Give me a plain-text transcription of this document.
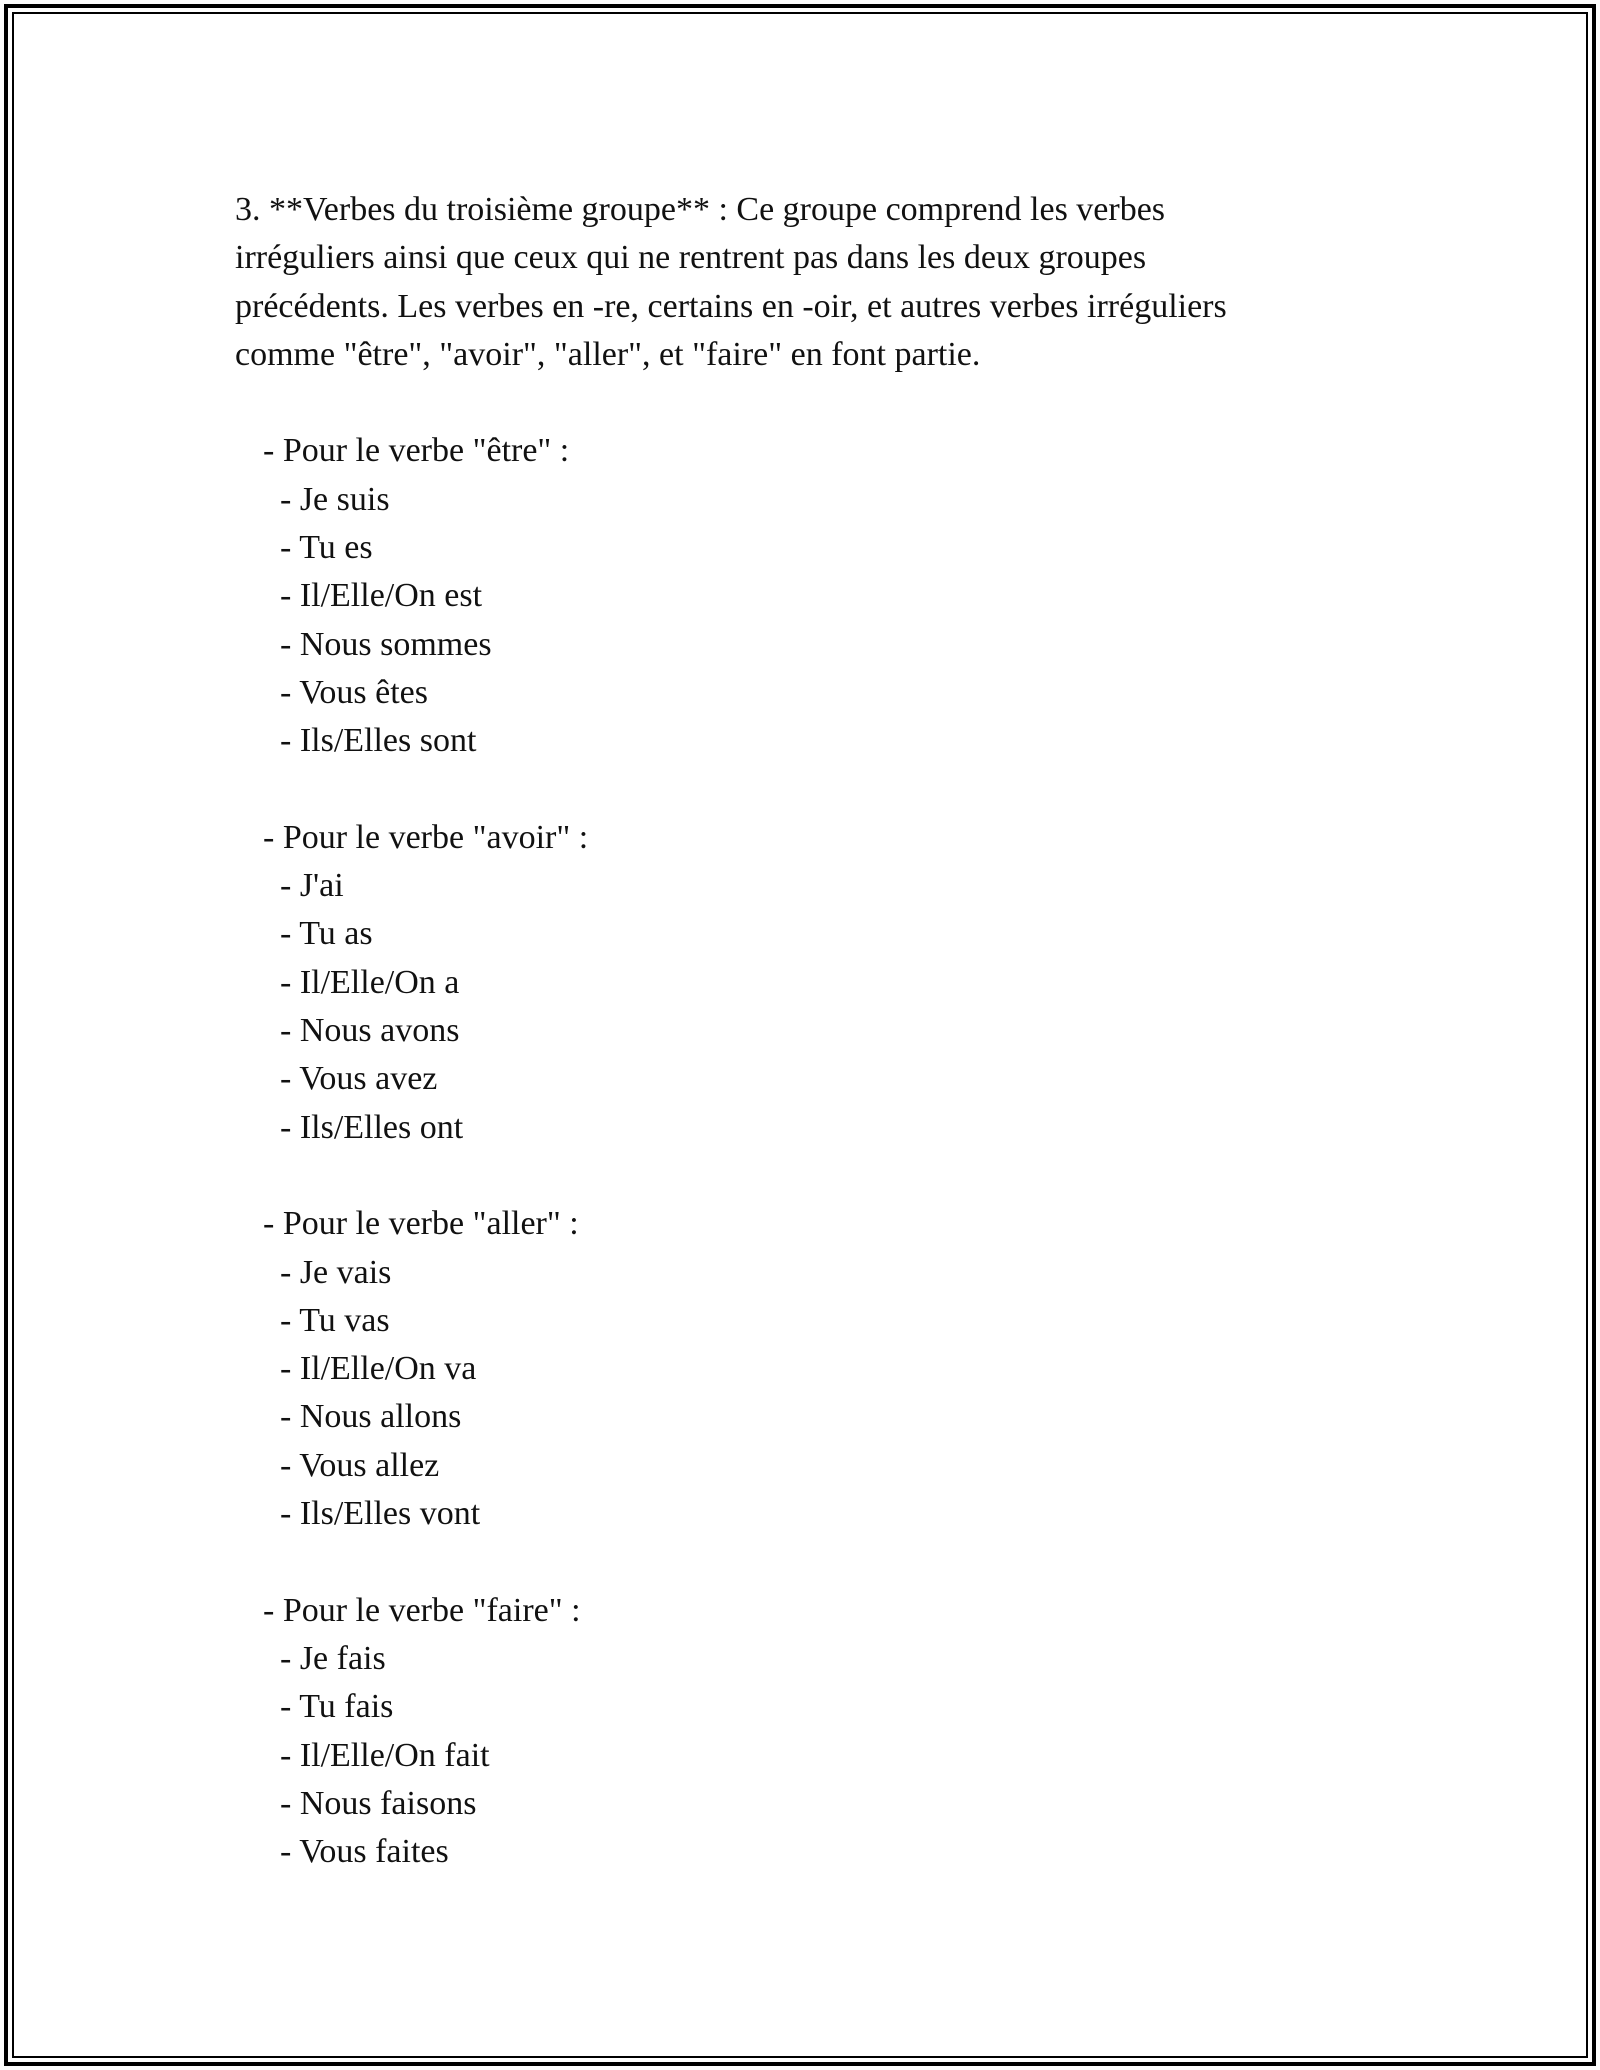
3. **Verbes du troisième groupe** : Ce groupe comprend les verbes

irréguliers ainsi que ceux qui ne rentrent pas dans les deux groupes

précédents. Les verbes en -re, certains en -oir, et autres verbes irréguliers

comme "être", "avoir", "aller", et "faire" en font partie.

- Pour le verbe "être" :

- Je suis
- Tu es
- Il/Elle/On est
- Nous sommes
- Vous êtes
- Ils/Elles sont

- Pour le verbe "avoir" :

- J'ai
- Tu as
- Il/Elle/On a
- Nous avons
- Vous avez
- Ils/Elles ont

- Pour le verbe "aller" :

- Je vais
- Tu vas
- Il/Elle/On va
- Nous allons
- Vous allez
- Ils/Elles vont

- Pour le verbe "faire" :

- Je fais
- Tu fais
- Il/Elle/On fait
- Nous faisons
- Vous faites
